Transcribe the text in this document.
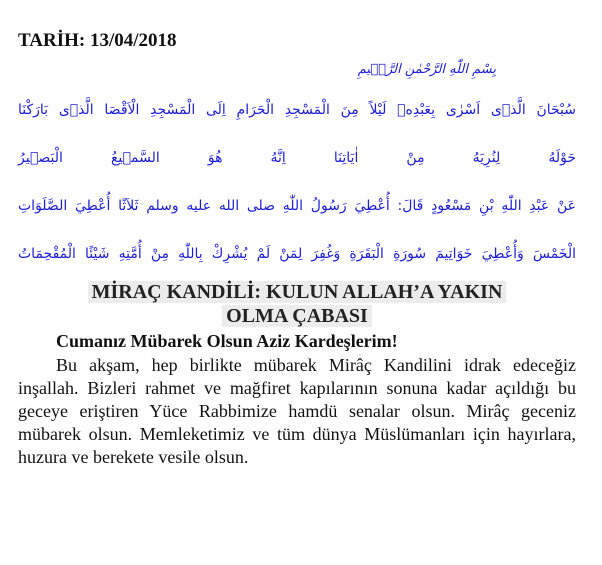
TARİH: 13/04/2018
بِسْمِ اللّٰهِ الرَّحْمٰنِ الرَّحٖيمِ
سُبْحَانَ الَّذٖى اَسْرٰى بِعَبْدِهٖ لَيْلاً مِنَ الْمَسْجِدِ الْحَرَامِ اِلَى الْمَسْجِدِ الْاَقْصَا الَّذٖى بَارَكْنَا
حَوْلَهُ لِنُرِيَهُ مِنْ اٰيَاتِنَا اِنَّهُ هُوَ السَّمٖيعُ الْبَصٖيرُ
عَنْ عَبْدِ اللّٰهِ بْنِ مَسْعُودٍ قَالَ: أُعْطِيَ رَسُولُ اللّٰهِ صلى الله عليه وسلم ثَلاَثًا أُعْطِيَ الصَّلَوَاتِ
الْخَمْسَ وَأُعْطِيَ خَوَاتِيمَ سُورَةِ الْبَقَرَةِ وَغُفِرَ لِمَنْ لَمْ يُشْرِكْ بِاللّٰهِ مِنْ أُمَّتِهِ شَيْئًا الْمُقْحِمَاتُ
MİRAÇ KANDİLİ: KULUN ALLAH’A YAKIN
OLMA ÇABASI
Cumanız Mübarek Olsun Aziz Kardeşlerim!
Bu akşam, hep birlikte mübarek Mirâç Kandilini idrak edeceğiz inşallah. Bizleri rahmet ve mağfiret kapılarının sonuna kadar açıldığı bu geceye eriştiren Yüce Rabbimize hamdü senalar olsun. Mirâç geceniz mübarek olsun. Memleketimiz ve tüm dünya Müslümanları için hayırlara, huzura ve berekete vesile olsun.
